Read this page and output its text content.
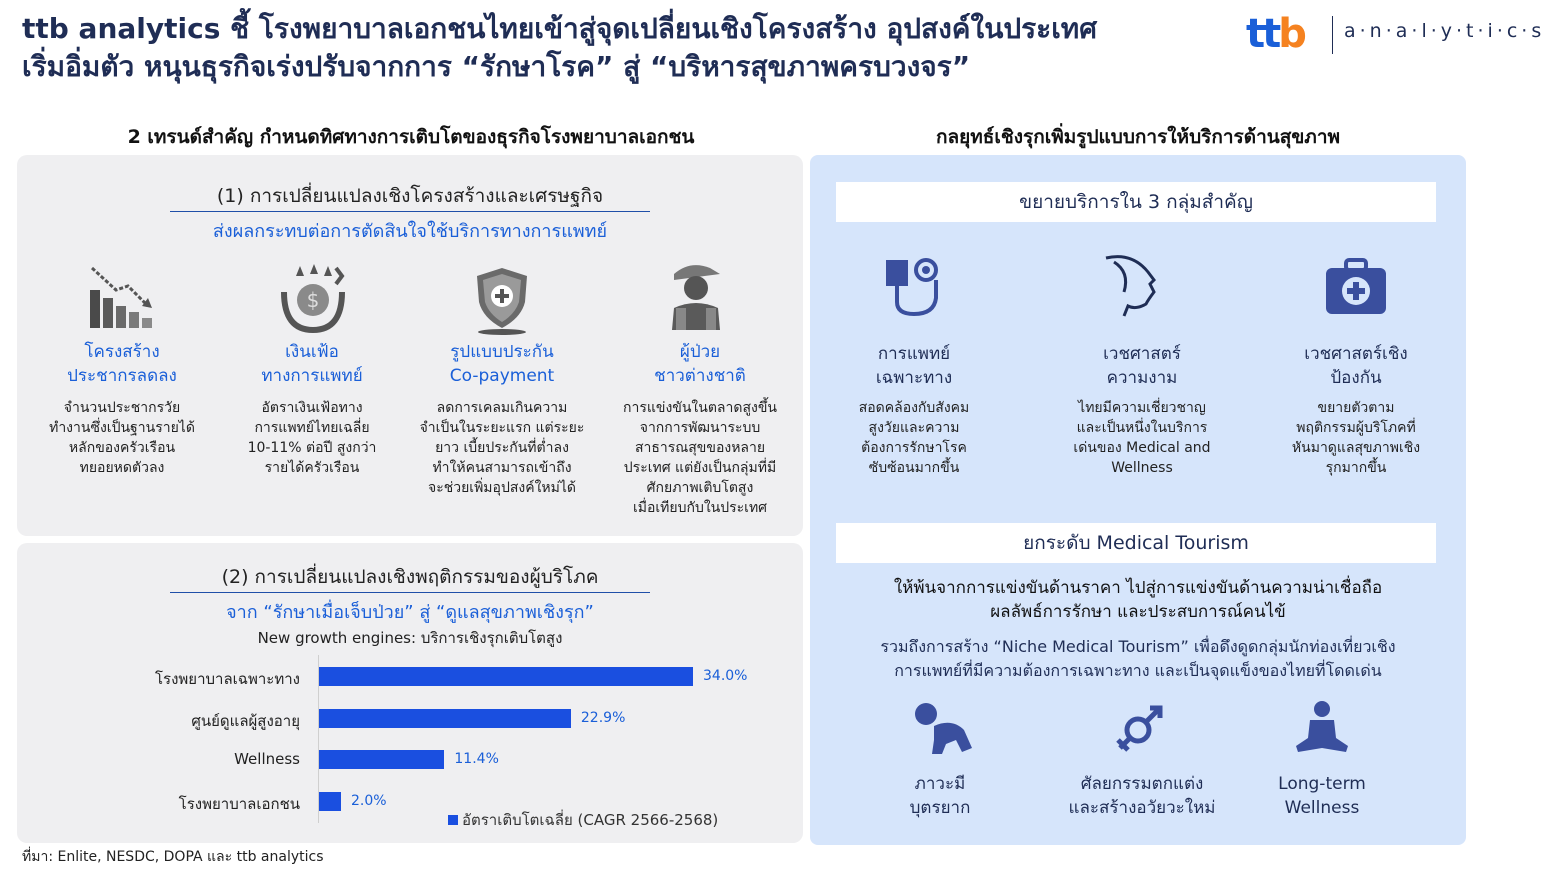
ttb analytics ชี้ โรงพยาบาลเอกชนไทยเข้าสู่จุดเปลี่ยนเชิงโครงสร้าง อุปสงค์ในประเทศ
เริ่มอิ่มตัว หนุนธุรกิจเร่งปรับจากการ “รักษาโรค” สู่ “บริหารสุขภาพครบวงจร”
ttb a·n·a·l·y·t·i·c·s
2 เทรนด์สำคัญ กำหนดทิศทางการเติบโตของธุรกิจโรงพยาบาลเอกชน
(1) การเปลี่ยนแปลงเชิงโครงสร้างและเศรษฐกิจ
ส่งผลกระทบต่อการตัดสินใจใช้บริการทางการแพทย์
$
โครงสร้าง
ประชากรลดลง
จำนวนประชากรวัย
ทำงานซึ่งเป็นฐานรายได้
หลักของครัวเรือน
ทยอยหดตัวลง
เงินเฟ้อ
ทางการแพทย์
อัตราเงินเฟ้อทาง
การแพทย์ไทยเฉลี่ย
10-11% ต่อปี สูงกว่า
รายได้ครัวเรือน
รูปแบบประกัน
Co-payment
ลดการเคลมเกินความ
จำเป็นในระยะแรก แต่ระยะ
ยาว เบี้ยประกันที่ต่ำลง
ทำให้คนสามารถเข้าถึง
จะช่วยเพิ่มอุปสงค์ใหม่ได้
ผู้ป่วย
ชาวต่างชาติ
การแข่งขันในตลาดสูงขึ้น
จากการพัฒนาระบบ
สาธารณสุขของหลาย
ประเทศ แต่ยังเป็นกลุ่มที่มี
ศักยภาพเติบโตสูง
เมื่อเทียบกับในประเทศ
(2) การเปลี่ยนแปลงเชิงพฤติกรรมของผู้บริโภค
จาก “รักษาเมื่อเจ็บป่วย” สู่ “ดูแลสุขภาพเชิงรุก”
New growth engines: บริการเชิงรุกเติบโตสูง
โรงพยาบาลเฉพาะทาง	34.0%
ศูนย์ดูแลผู้สูงอายุ	22.9%
Wellness	11.4%
โรงพยาบาลเอกชน	2.0%
อัตราเติบโตเฉลี่ย (CAGR 2566-2568)
กลยุทธ์เชิงรุกเพิ่มรูปแบบการให้บริการด้านสุขภาพ
ขยายบริการใน 3 กลุ่มสำคัญ
การแพทย์
เฉพาะทาง
สอดคล้องกับสังคม
สูงวัยและความ
ต้องการรักษาโรค
ซับซ้อนมากขึ้น
เวชศาสตร์
ความงาม
ไทยมีความเชี่ยวชาญ
และเป็นหนึ่งในบริการ
เด่นของ Medical and
Wellness
เวชศาสตร์เชิง
ป้องกัน
ขยายตัวตาม
พฤติกรรมผู้บริโภคที่
หันมาดูแลสุขภาพเชิง
รุกมากขึ้น
ยกระดับ Medical Tourism
ให้พ้นจากการแข่งขันด้านราคา ไปสู่การแข่งขันด้านความน่าเชื่อถือ
ผลลัพธ์การรักษา และประสบการณ์คนไข้
รวมถึงการสร้าง “Niche Medical Tourism” เพื่อดึงดูดกลุ่มนักท่องเที่ยวเชิง
การแพทย์ที่มีความต้องการเฉพาะทาง และเป็นจุดแข็งของไทยที่โดดเด่น
ภาวะมี
บุตรยาก
ศัลยกรรมตกแต่ง
และสร้างอวัยวะใหม่
Long-term
Wellness
ที่มา: Enlite, NESDC, DOPA และ ttb analytics
